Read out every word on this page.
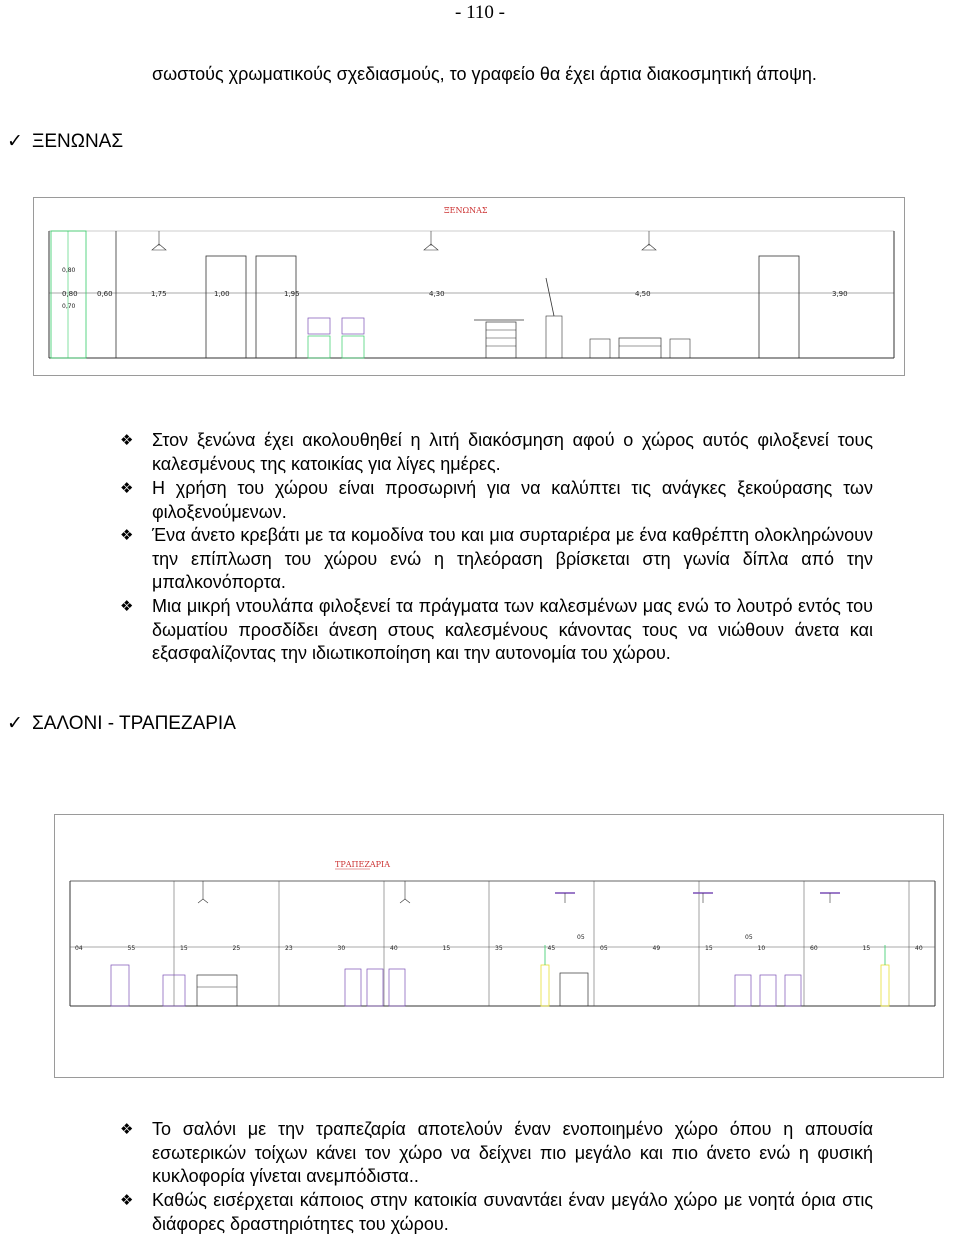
- 110 -
σωστούς χρωματικούς σχεδιασμούς, το γραφείο θα έχει άρτια διακοσμητική άποψη.
✓ ΞΕΝΩΝΑΣ
ΞΕΝΩΝΑΣ
0,80	0,60	1,75	1,00	1,95	4,30	4,50	3,90
0,80
0,70
❖	Στον ξενώνα έχει ακολουθηθεί η λιτή διακόσμηση αφού ο χώρος αυτός φιλοξενεί τους καλεσμένους της κατοικίας για λίγες ημέρες.
❖	Η χρήση του χώρου είναι προσωρινή για να καλύπτει τις ανάγκες ξεκούρασης των φιλοξενούμενων.
❖	Ένα άνετο κρεβάτι με τα κομοδίνα του και μια συρταριέρα με ένα καθρέπτη ολοκληρώνουν την επίπλωση του χώρου ενώ η τηλεόραση βρίσκεται στη γωνία δίπλα από την μπαλκονόπορτα.
❖	Μια μικρή ντουλάπα φιλοξενεί τα πράγματα των καλεσμένων μας ενώ το λουτρό εντός του δωματίου προσδίδει άνεση στους καλεσμένους κάνοντας τους να νιώθουν άνετα και εξασφαλίζοντας την ιδιωτικοποίηση και την αυτονομία του χώρου.
✓ ΣΑΛΟΝΙ - ΤΡΑΠΕΖΑΡΙΑ
ΤΡΑΠΕΖΑΡΙΑ
04	55	15	25	23	30	40	15	35	45	05	49	15	10	60	15	40
05	05
❖	Το σαλόνι με την τραπεζαρία αποτελούν έναν ενοποιημένο χώρο όπου η απουσία εσωτερικών τοίχων κάνει τον χώρο να δείχνει πιο μεγάλο και πιο άνετο ενώ η φυσική κυκλοφορία γίνεται ανεμπόδιστα..
❖	Καθώς εισέρχεται κάποιος στην κατοικία συναντάει έναν μεγάλο χώρο με νοητά όρια στις διάφορες δραστηριότητες του χώρου.
